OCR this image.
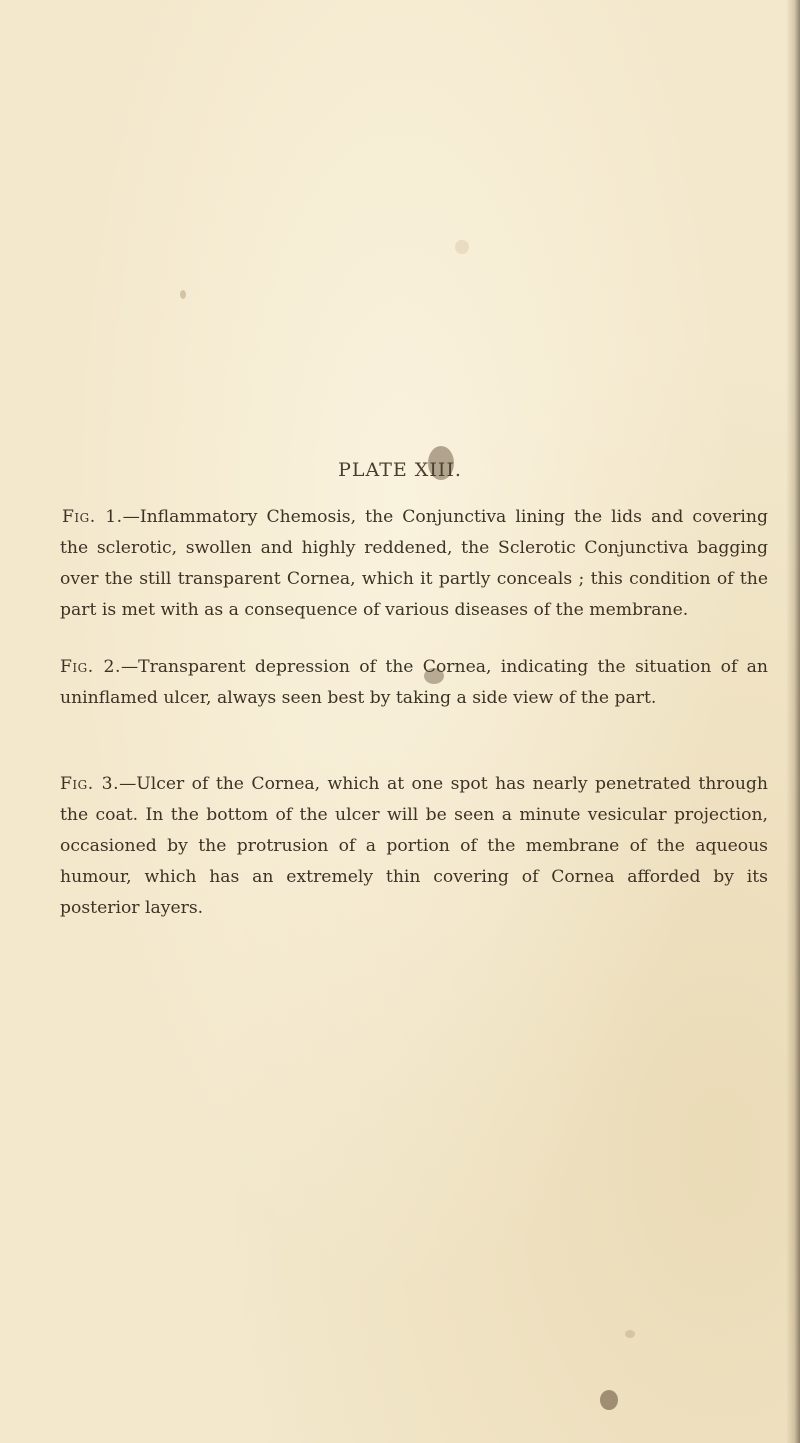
PLATE XIII.
Fig. 1.—Inflammatory Chemosis, the Conjunctiva lining the lids and covering the sclerotic, swollen and highly reddened, the Sclerotic Conjunctiva bagging over the still transparent Cornea, which it partly conceals ; this condition of the part is met with as a consequence of various diseases of the membrane.
Fig. 2.—Transparent depression of the Cornea, indicating the situation of an uninflamed ulcer, always seen best by taking a side view of the part.
Fig. 3.—Ulcer of the Cornea, which at one spot has nearly penetrated through the coat. In the bottom of the ulcer will be seen a minute vesicular projection, occasioned by the protrusion of a portion of the membrane of the aqueous humour, which has an extremely thin covering of Cornea afforded by its posterior layers.
